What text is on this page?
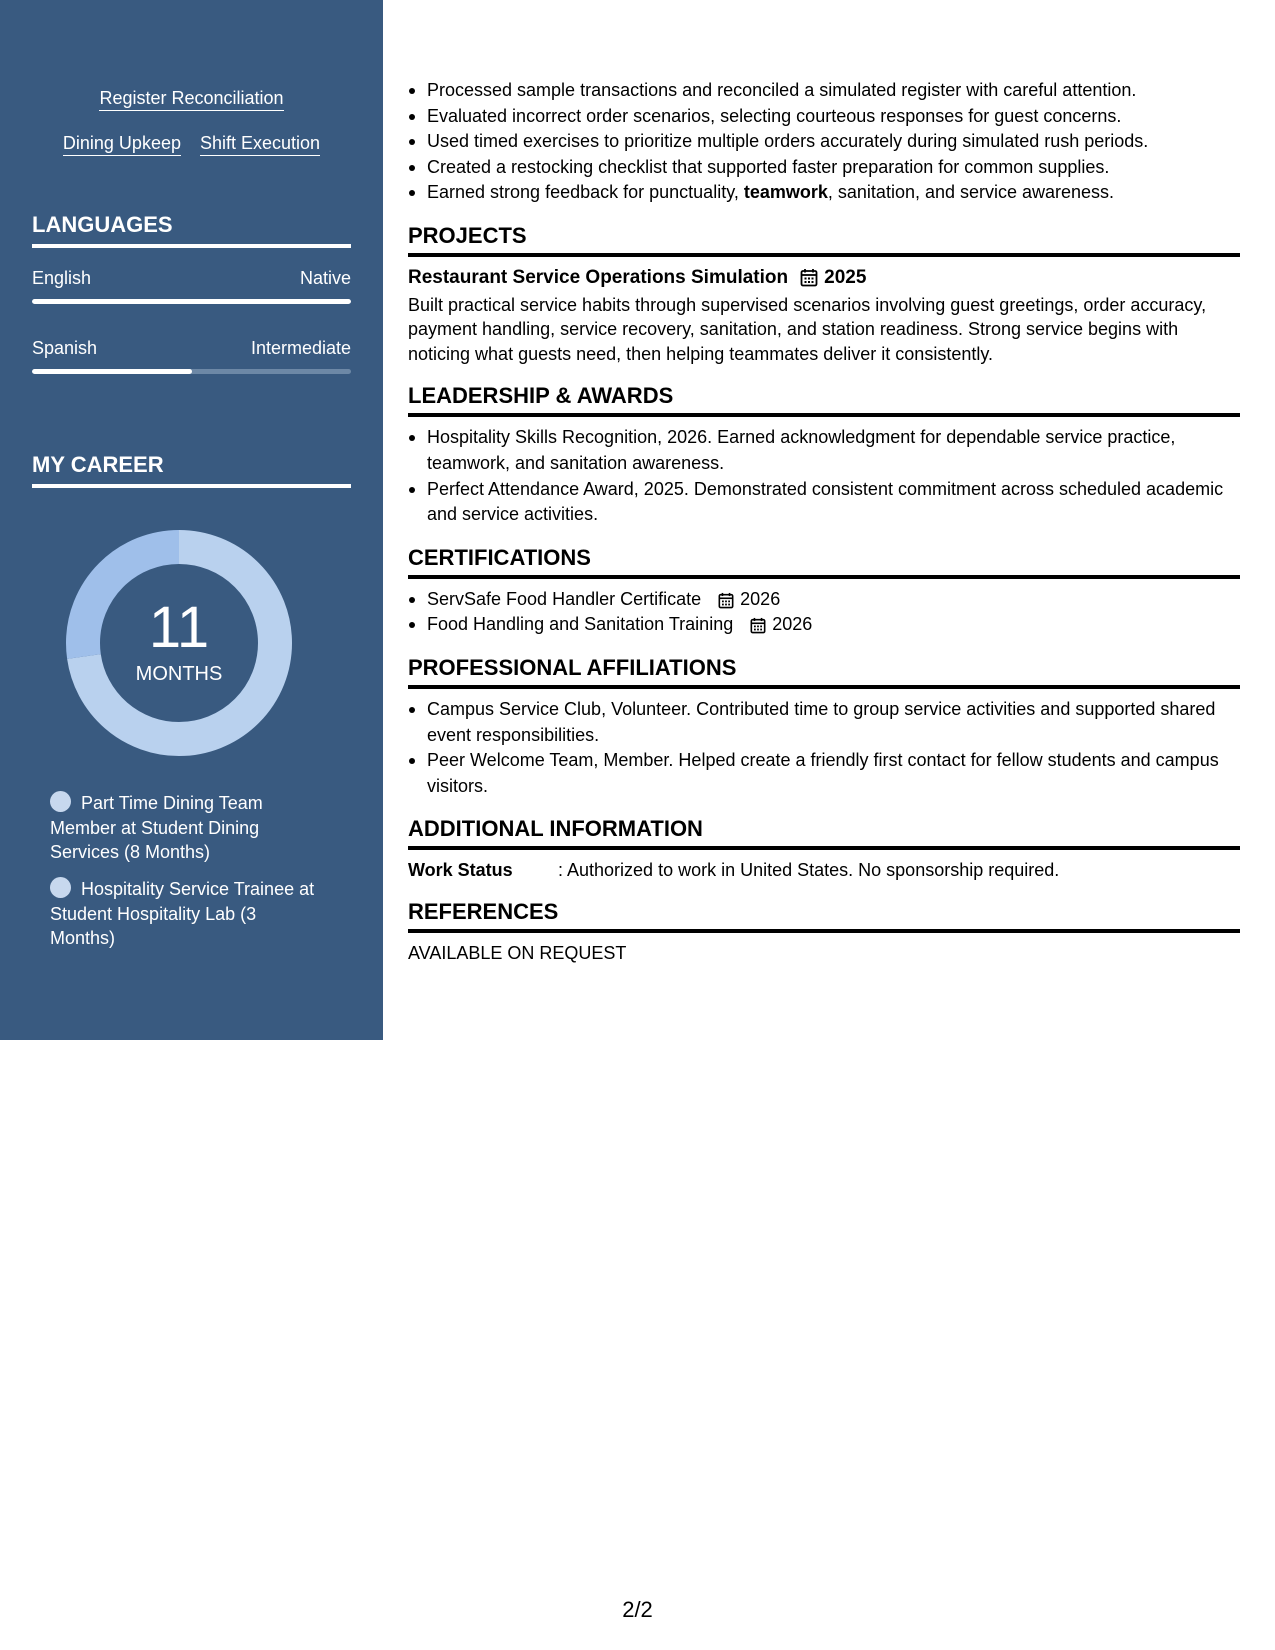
Register Reconciliation
Dining Upkeep Shift Execution
LANGUAGES
English	Native
Spanish	Intermediate
MY CAREER
11
MONTHS
Part Time Dining Team Member at Student Dining Services (8 Months)
Hospitality Service Trainee at Student Hospitality Lab (3 Months)
Processed sample transactions and reconciled a simulated register with careful attention.
Evaluated incorrect order scenarios, selecting courteous responses for guest concerns.
Used timed exercises to prioritize multiple orders accurately during simulated rush periods.
Created a restocking checklist that supported faster preparation for common supplies.
Earned strong feedback for punctuality, teamwork, sanitation, and service awareness.
PROJECTS
Restaurant Service Operations Simulation 2025
Built practical service habits through supervised scenarios involving guest greetings, order accuracy, payment handling, service recovery, sanitation, and station readiness. Strong service begins with noticing what guests need, then helping teammates deliver it consistently.
LEADERSHIP & AWARDS
Hospitality Skills Recognition, 2026. Earned acknowledgment for dependable service practice, teamwork, and sanitation awareness.
Perfect Attendance Award, 2025. Demonstrated consistent commitment across scheduled academic and service activities.
CERTIFICATIONS
ServSafe Food Handler Certificate 2026
Food Handling and Sanitation Training 2026
PROFESSIONAL AFFILIATIONS
Campus Service Club, Volunteer. Contributed time to group service activities and supported shared event responsibilities.
Peer Welcome Team, Member. Helped create a friendly first contact for fellow students and campus visitors.
ADDITIONAL INFORMATION
Work Status	: Authorized to work in United States. No sponsorship required.
REFERENCES
AVAILABLE ON REQUEST
2/2
